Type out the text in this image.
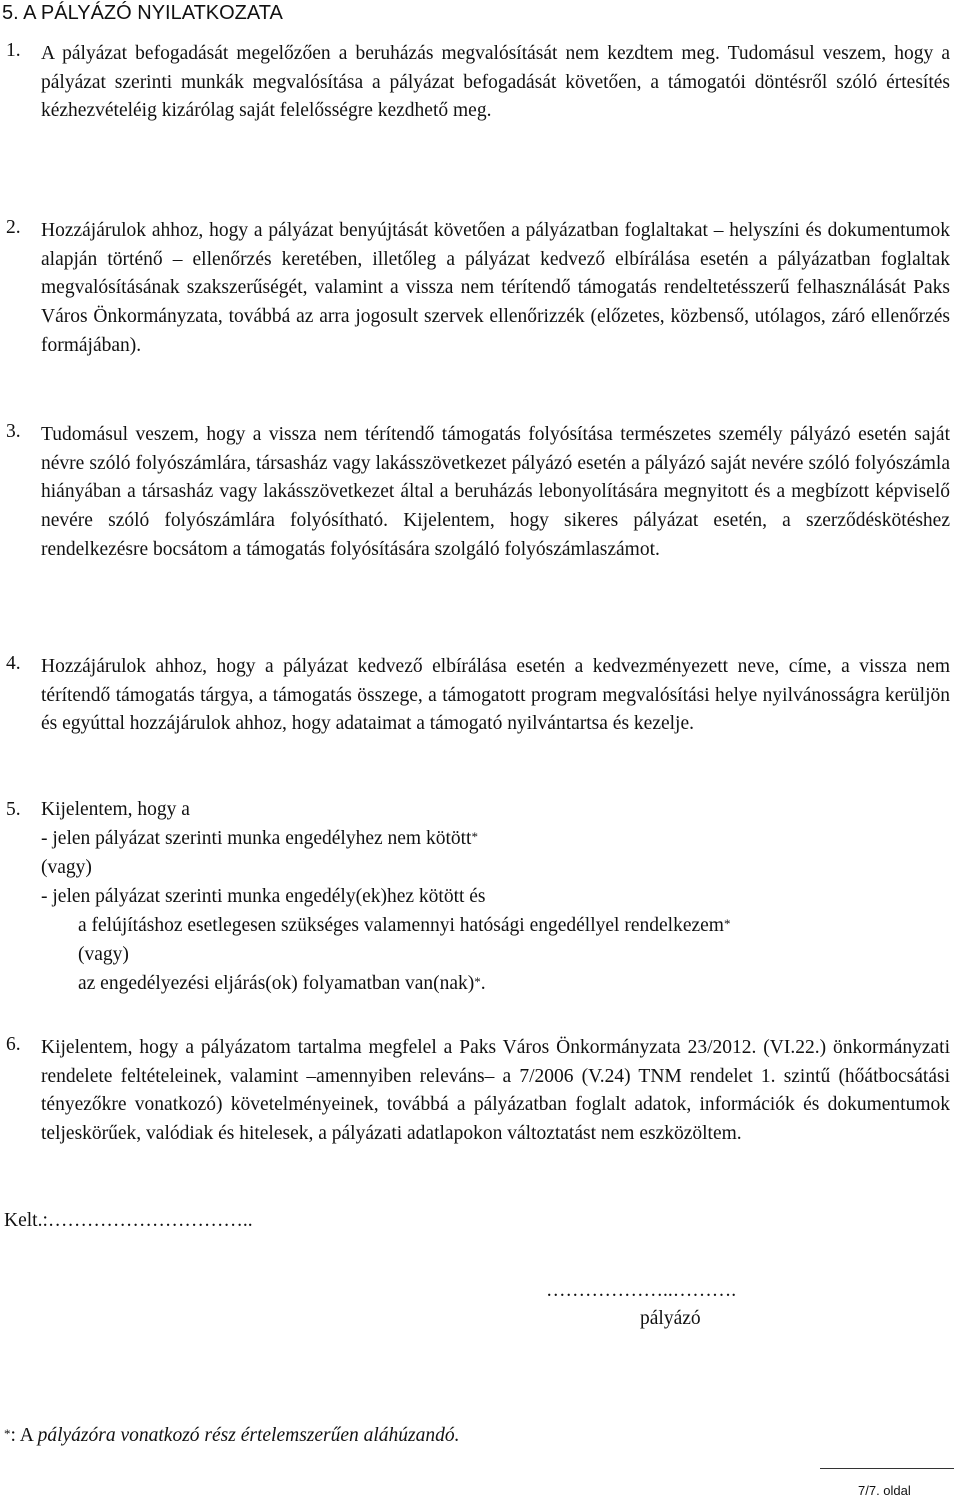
5. A PÁLYÁZÓ NYILATKOZATA
1. A pályázat befogadását megelőzően a beruházás megvalósítását nem kezdtem meg. Tudomásul veszem, hogy a pályázat szerinti munkák megvalósítása a pályázat befogadását követően, a támogatói döntésről szóló értesítés kézhezvételéig kizárólag saját felelősségre kezdhető meg.
2. Hozzájárulok ahhoz, hogy a pályázat benyújtását követően a pályázatban foglaltakat – helyszíni és dokumentumok alapján történő – ellenőrzés keretében, illetőleg a pályázat kedvező elbírálása esetén a pályázatban foglaltak megvalósításának szakszerűségét, valamint a vissza nem térítendő támogatás rendeltetésszerű felhasználását Paks Város Önkormányzata, továbbá az arra jogosult szervek ellenőrizzék (előzetes, közbenső, utólagos, záró ellenőrzés formájában).
3. Tudomásul veszem, hogy a vissza nem térítendő támogatás folyósítása természetes személy pályázó esetén saját névre szóló folyószámlára, társasház vagy lakásszövetkezet pályázó esetén a pályázó saját nevére szóló folyószámla hiányában a társasház vagy lakásszövetkezet által a beruházás lebonyolítására megnyitott és a megbízott képviselő nevére szóló folyószámlára folyósítható. Kijelentem, hogy sikeres pályázat esetén, a szerződéskötéshez rendelkezésre bocsátom a támogatás folyósítására szolgáló folyószámlaszámot.
4. Hozzájárulok ahhoz, hogy a pályázat kedvező elbírálása esetén a kedvezményezett neve, címe, a vissza nem térítendő támogatás tárgya, a támogatás összege, a támogatott program megvalósítási helye nyilvánosságra kerüljön és egyúttal hozzájárulok ahhoz, hogy adataimat a támogató nyilvántartsa és kezelje.
5. Kijelentem, hogy a
- jelen pályázat szerinti munka engedélyhez nem kötött*
(vagy)
- jelen pályázat szerinti munka engedély(ek)hez kötött és
a felújításhoz esetlegesen szükséges valamennyi hatósági engedéllyel rendelkezem*
(vagy)
az engedélyezési eljárás(ok) folyamatban van(nak)*.
6. Kijelentem, hogy a pályázatom tartalma megfelel a Paks Város Önkormányzata 23/2012. (VI.22.) önkormányzati rendelete feltételeinek, valamint –amennyiben releváns– a 7/2006 (V.24) TNM rendelet 1. szintű (hőátbocsátási tényezőkre vonatkozó) követelményeinek, továbbá a pályázatban foglalt adatok, információk és dokumentumok teljeskörűek, valódiak és hitelesek, a pályázati adatlapokon változtatást nem eszközöltem.
Kelt.:…………………………..
………………..……….
pályázó
*: A pályázóra vonatkozó rész értelemszerűen aláhúzandó.
7/7. oldal
